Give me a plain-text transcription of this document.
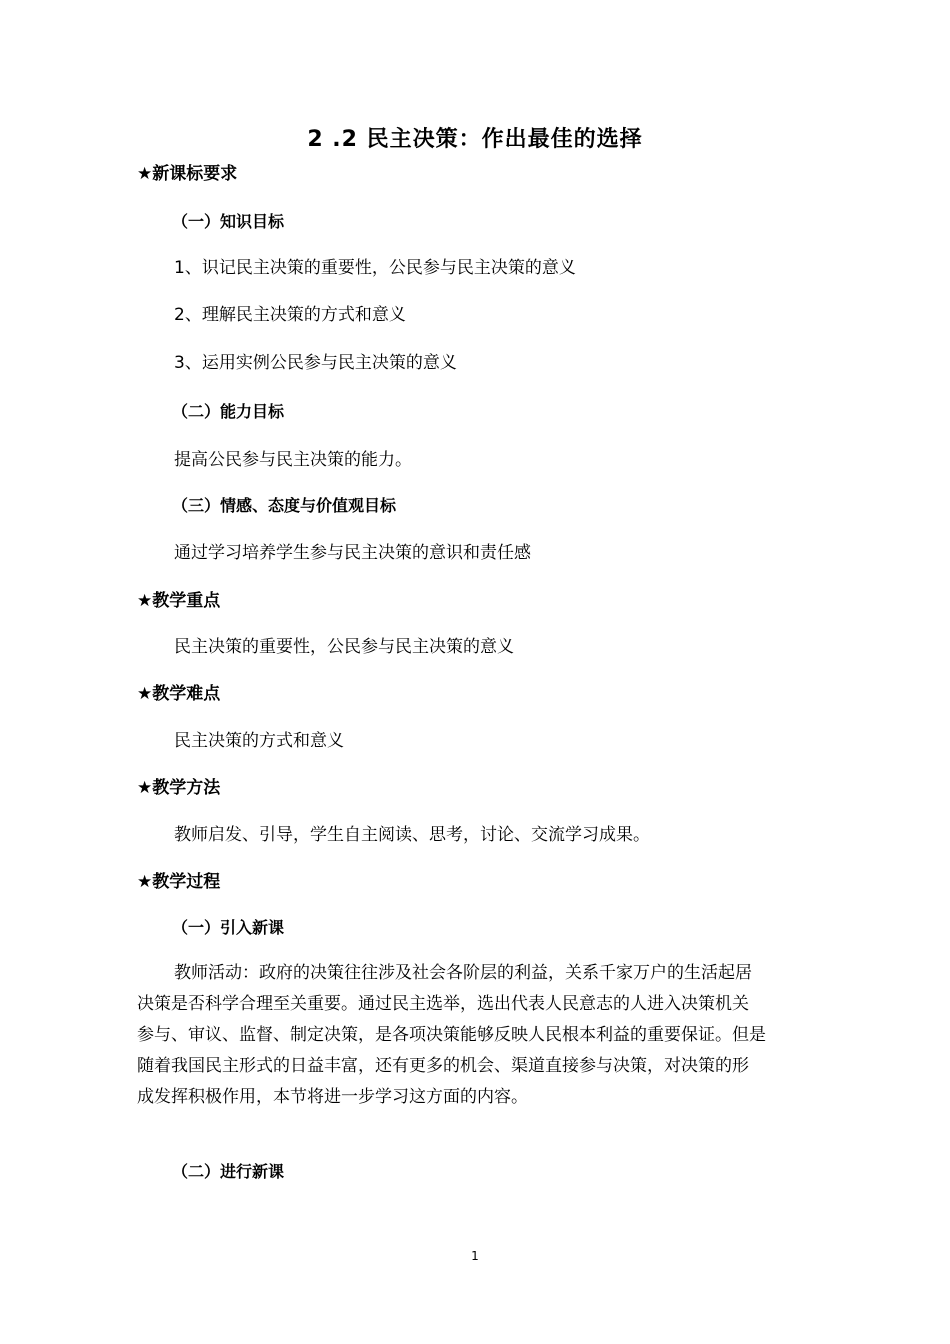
2 .2 民主决策：作出最佳的选择
★新课标要求
（一）知识目标
1、识记民主决策的重要性，公民参与民主决策的意义
2、理解民主决策的方式和意义
3、运用实例公民参与民主决策的意义
（二）能力目标
提高公民参与民主决策的能力。
（三）情感、态度与价值观目标
通过学习培养学生参与民主决策的意识和责任感
★教学重点
民主决策的重要性，公民参与民主决策的意义
★教学难点
民主决策的方式和意义
★教学方法
教师启发、引导，学生自主阅读、思考，讨论、交流学习成果。
★教学过程
（一）引入新课
教师活动：政府的决策往往涉及社会各阶层的利益，关系千家万户的生活起居
决策是否科学合理至关重要。通过民主选举，选出代表人民意志的人进入决策机关
参与、审议、监督、制定决策，是各项决策能够反映人民根本利益的重要保证。但是
随着我国民主形式的日益丰富，还有更多的机会、渠道直接参与决策，对决策的形
成发挥积极作用，本节将进一步学习这方面的内容。
（二）进行新课
1
